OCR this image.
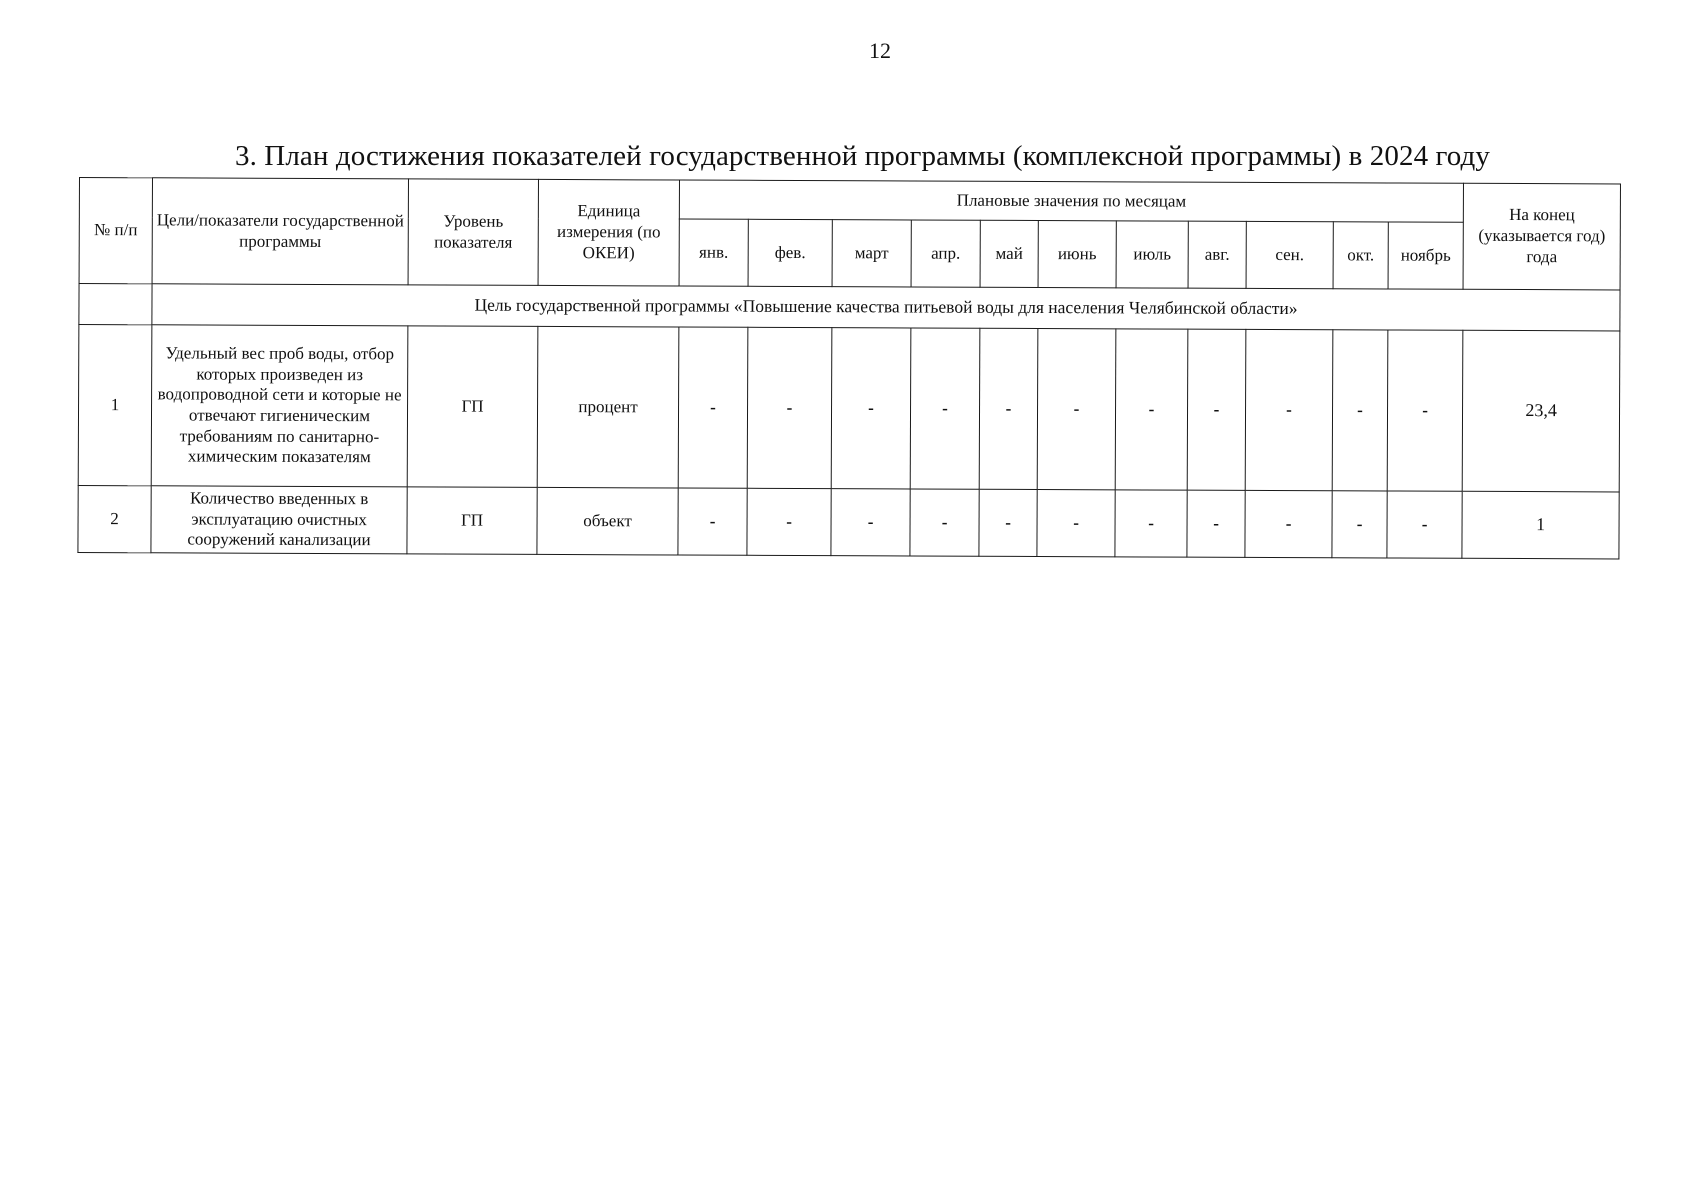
12
3. План достижения показателей государственной программы (комплексной программы) в 2024 году
№ п/п	Цели/показатели государственной программы	Уровень показателя	Единица измерения (по ОКЕИ)	Плановые значения по месяцам											На конец (указывается год) года
				янв.	фев.	март	апр.	май	июнь	июль	авг.	сен.	окт.	ноябрь	
	Цель государственной программы «Повышение качества питьевой воды для населения Челябинской области»														
1	Удельный вес проб воды, отбор которых произведен из водопроводной сети и которые не отвечают гигиеническим требованиям по санитарно-химическим показателям	ГП	процент	-	-	-	-	-	-	-	-	-	-	-	23,4
2	Количество введенных в эксплуатацию очистных сооружений канализации	ГП	объект	-	-	-	-	-	-	-	-	-	-	-	1
